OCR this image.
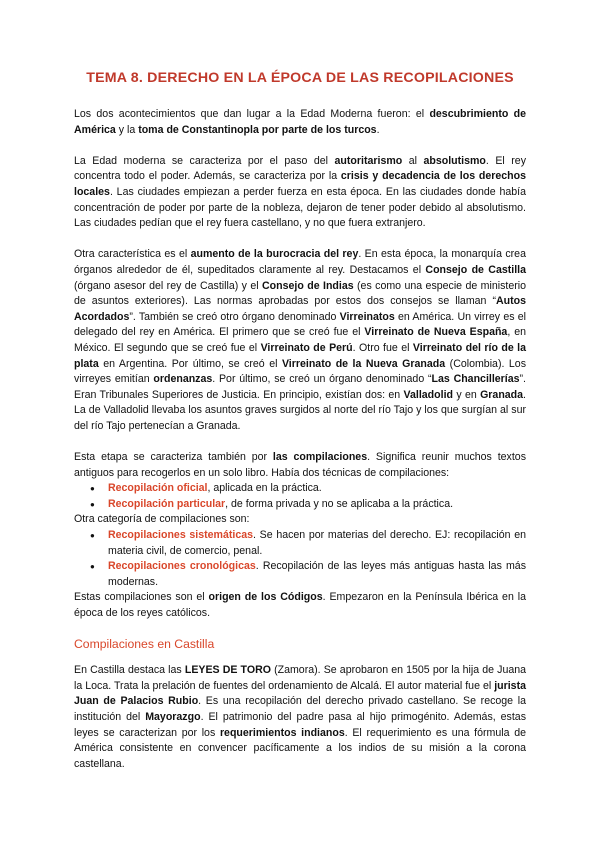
TEMA 8. DERECHO EN LA ÉPOCA DE LAS RECOPILACIONES

Los dos acontecimientos que dan lugar a la Edad Moderna fueron: el descubrimiento de América y la toma de Constantinopla por parte de los turcos.

La Edad moderna se caracteriza por el paso del autoritarismo al absolutismo. El rey concentra todo el poder. Además, se caracteriza por la crisis y decadencia de los derechos locales. Las ciudades empiezan a perder fuerza en esta época. En las ciudades donde había concentración de poder por parte de la nobleza, dejaron de tener poder debido al absolutismo. Las ciudades pedían que el rey fuera castellano, y no que fuera extranjero.

Otra característica es el aumento de la burocracia del rey. En esta época, la monarquía crea órganos alrededor de él, supeditados claramente al rey. Destacamos el Consejo de Castilla (órgano asesor del rey de Castilla) y el Consejo de Indias (es como una especie de ministerio de asuntos exteriores). Las normas aprobadas por estos dos consejos se llaman “Autos Acordados”. También se creó otro órgano denominado Virreinatos en América. Un virrey es el delegado del rey en América. El primero que se creó fue el Virreinato de Nueva España, en México. El segundo que se creó fue el Virreinato de Perú. Otro fue el Virreinato del río de la plata en Argentina. Por último, se creó el Virreinato de la Nueva Granada (Colombia). Los virreyes emitían ordenanzas. Por último, se creó un órgano denominado “Las Chancillerías”. Eran Tribunales Superiores de Justicia. En principio, existían dos: en Valladolid y en Granada. La de Valladolid llevaba los asuntos graves surgidos al norte del río Tajo y los que surgían al sur del río Tajo pertenecían a Granada.

Esta etapa se caracteriza también por las compilaciones. Significa reunir muchos textos antiguos para recogerlos en un solo libro. Había dos técnicas de compilaciones:

● Recopilación oficial, aplicada en la práctica.
● Recopilación particular, de forma privada y no se aplicaba a la práctica.

Otra categoría de compilaciones son:

● Recopilaciones sistemáticas. Se hacen por materias del derecho. EJ: recopilación en materia civil, de comercio, penal.
● Recopilaciones cronológicas. Recopilación de las leyes más antiguas hasta las más modernas.

Estas compilaciones son el origen de los Códigos. Empezaron en la Península Ibérica en la época de los reyes católicos.

Compilaciones en Castilla

En Castilla destaca las LEYES DE TORO (Zamora). Se aprobaron en 1505 por la hija de Juana la Loca. Trata la prelación de fuentes del ordenamiento de Alcalá. El autor material fue el jurista Juan de Palacios Rubio. Es una recopilación del derecho privado castellano. Se recoge la institución del Mayorazgo. El patrimonio del padre pasa al hijo primogénito. Además, estas leyes se caracterizan por los requerimientos indianos. El requerimiento es una fórmula de América consistente en convencer pacíficamente a los indios de su misión a la corona castellana.
